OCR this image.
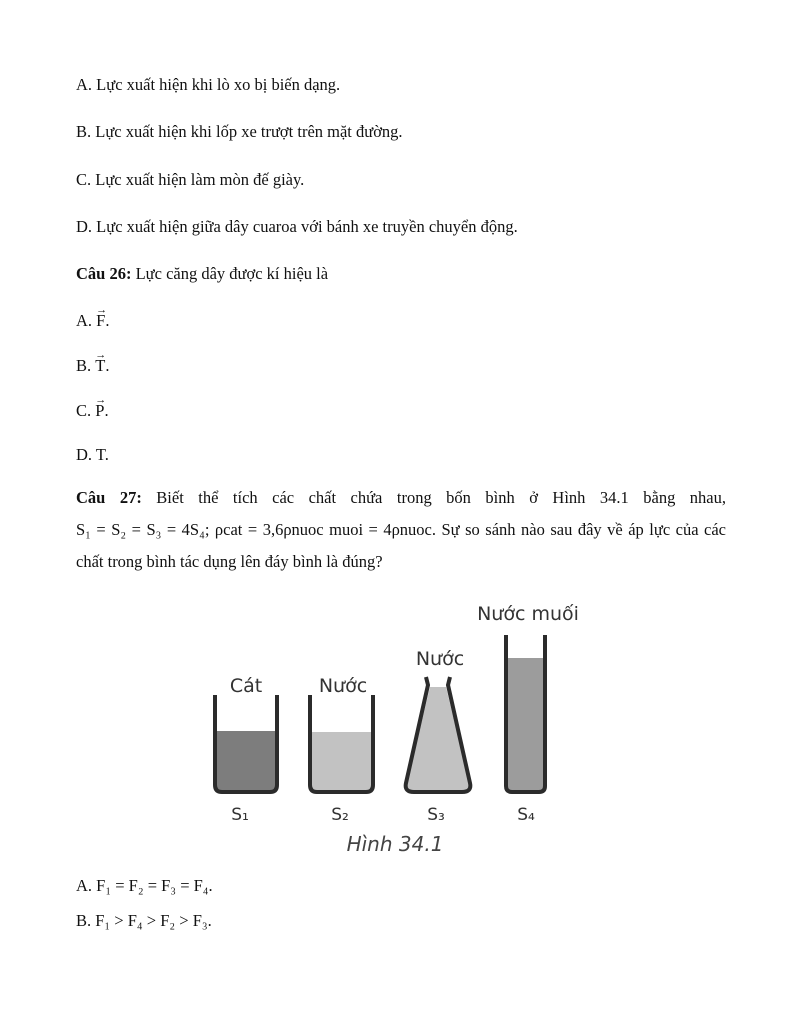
A. Lực xuất hiện khi lò xo bị biến dạng.
B. Lực xuất hiện khi lốp xe trượt trên mặt đường.
C. Lực xuất hiện làm mòn đế giày.
D. Lực xuất hiện giữa dây cuaroa với bánh xe truyền chuyển động.
Câu 26: Lực căng dây được kí hiệu là
A. → F.
B. → T.
C. → P.
D. T.
Câu 27: Biết thể tích các chất chứa trong bốn bình ở Hình 34.1 bằng nhau,
S₁ = S₂ = S₃ = 4S₄; ρcat = 3,6ρnuoc muoi = 4ρnuoc. Sự so sánh nào sau đây về áp lực của các
chất trong bình tác dụng lên đáy bình là đúng?
Cát
S₁
Nước
S₂
Nước
S₃
Nước muối
S₄
Hình 34.1
A. F₁ = F₂ = F₃ = F₄.
B. F₁ > F₄ > F₂ > F₃.
